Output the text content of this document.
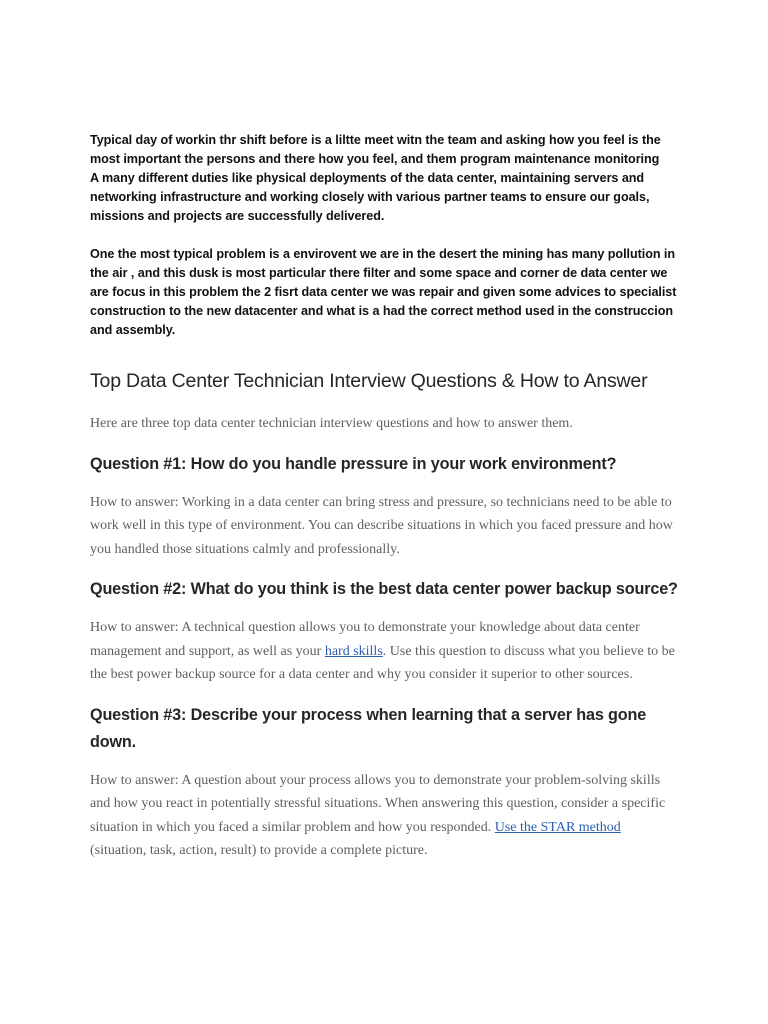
Typical day of workin thr shift before is a liltte meet witn the team and asking how you feel is the most important the persons and there how you feel, and them program maintenance monitoring

A many different duties like physical deployments of the data center, maintaining servers and networking infrastructure and working closely with various partner teams to ensure our goals, missions and projects are successfully delivered.

One the most typical problem is a envirovent we are in the desert the mining has many pollution in the air , and this dusk is most particular there filter and some space and corner de data center we are focus in this problem the 2 fisrt data center we was repair and given some advices to specialist construction to the new datacenter and what is a had the correct method used in the construccion and assembly.

Top Data Center Technician Interview Questions & How to Answer

Here are three top data center technician interview questions and how to answer them.

Question #1: How do you handle pressure in your work environment?

How to answer: Working in a data center can bring stress and pressure, so technicians need to be able to work well in this type of environment. You can describe situations in which you faced pressure and how you handled those situations calmly and professionally.

Question #2: What do you think is the best data center power backup source?

How to answer: A technical question allows you to demonstrate your knowledge about data center management and support, as well as your hard skills. Use this question to discuss what you believe to be the best power backup source for a data center and why you consider it superior to other sources.

Question #3: Describe your process when learning that a server has gone down.

How to answer: A question about your process allows you to demonstrate your problem-solving skills and how you react in potentially stressful situations. When answering this question, consider a specific situation in which you faced a similar problem and how you responded. Use the STAR method (situation, task, action, result) to provide a complete picture.
